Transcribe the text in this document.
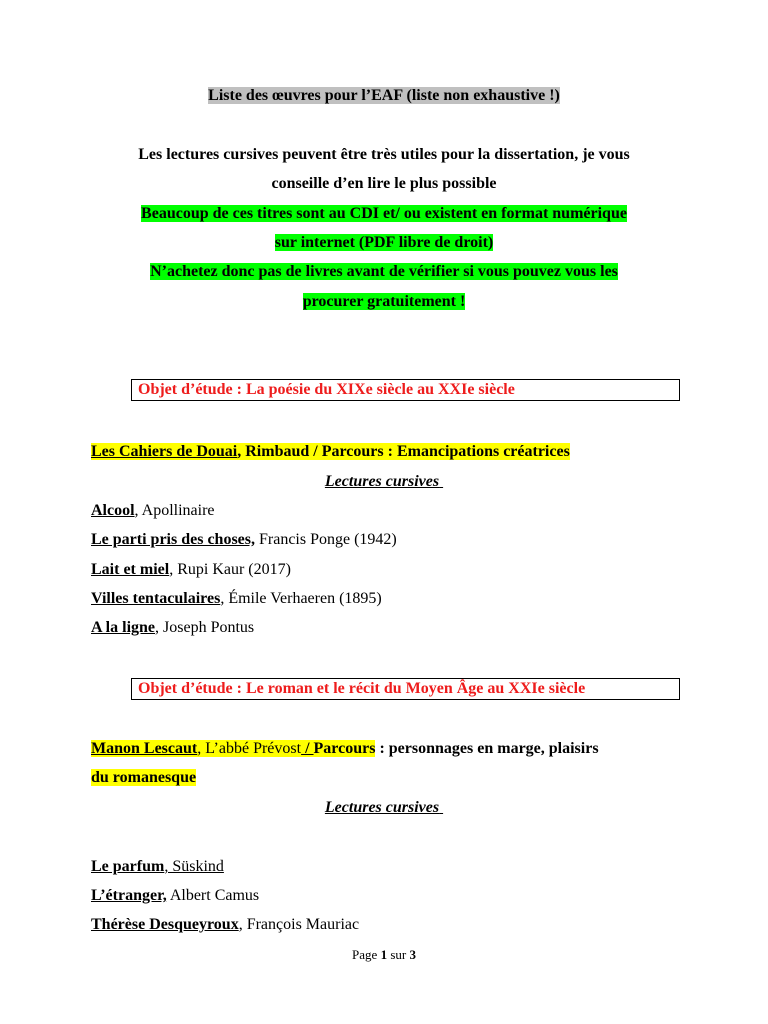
Liste des œuvres pour l’EAF (liste non exhaustive !)
Les lectures cursives peuvent être très utiles pour la dissertation, je vous
conseille d’en lire le plus possible
Beaucoup de ces titres sont au CDI et/ ou existent en format numérique
sur internet (PDF libre de droit)
N’achetez donc pas de livres avant de vérifier si vous pouvez vous les
procurer gratuitement !
Objet d’étude : La poésie du XIXe siècle au XXIe siècle
Les Cahiers de Douai, Rimbaud / Parcours : Emancipations créatrices
Lectures cursives
Alcool, Apollinaire
Le parti pris des choses, Francis Ponge (1942)
Lait et miel, Rupi Kaur (2017)
Villes tentaculaires, Émile Verhaeren (1895)
A la ligne, Joseph Pontus
Objet d’étude : Le roman et le récit du Moyen Âge au XXIe siècle
Manon Lescaut, L’abbé Prévost / Parcours : personnages en marge, plaisirs
du romanesque
Lectures cursives
Le parfum, Süskind
L’étranger, Albert Camus
Thérèse Desqueyroux, François Mauriac
Page 1 sur 3
